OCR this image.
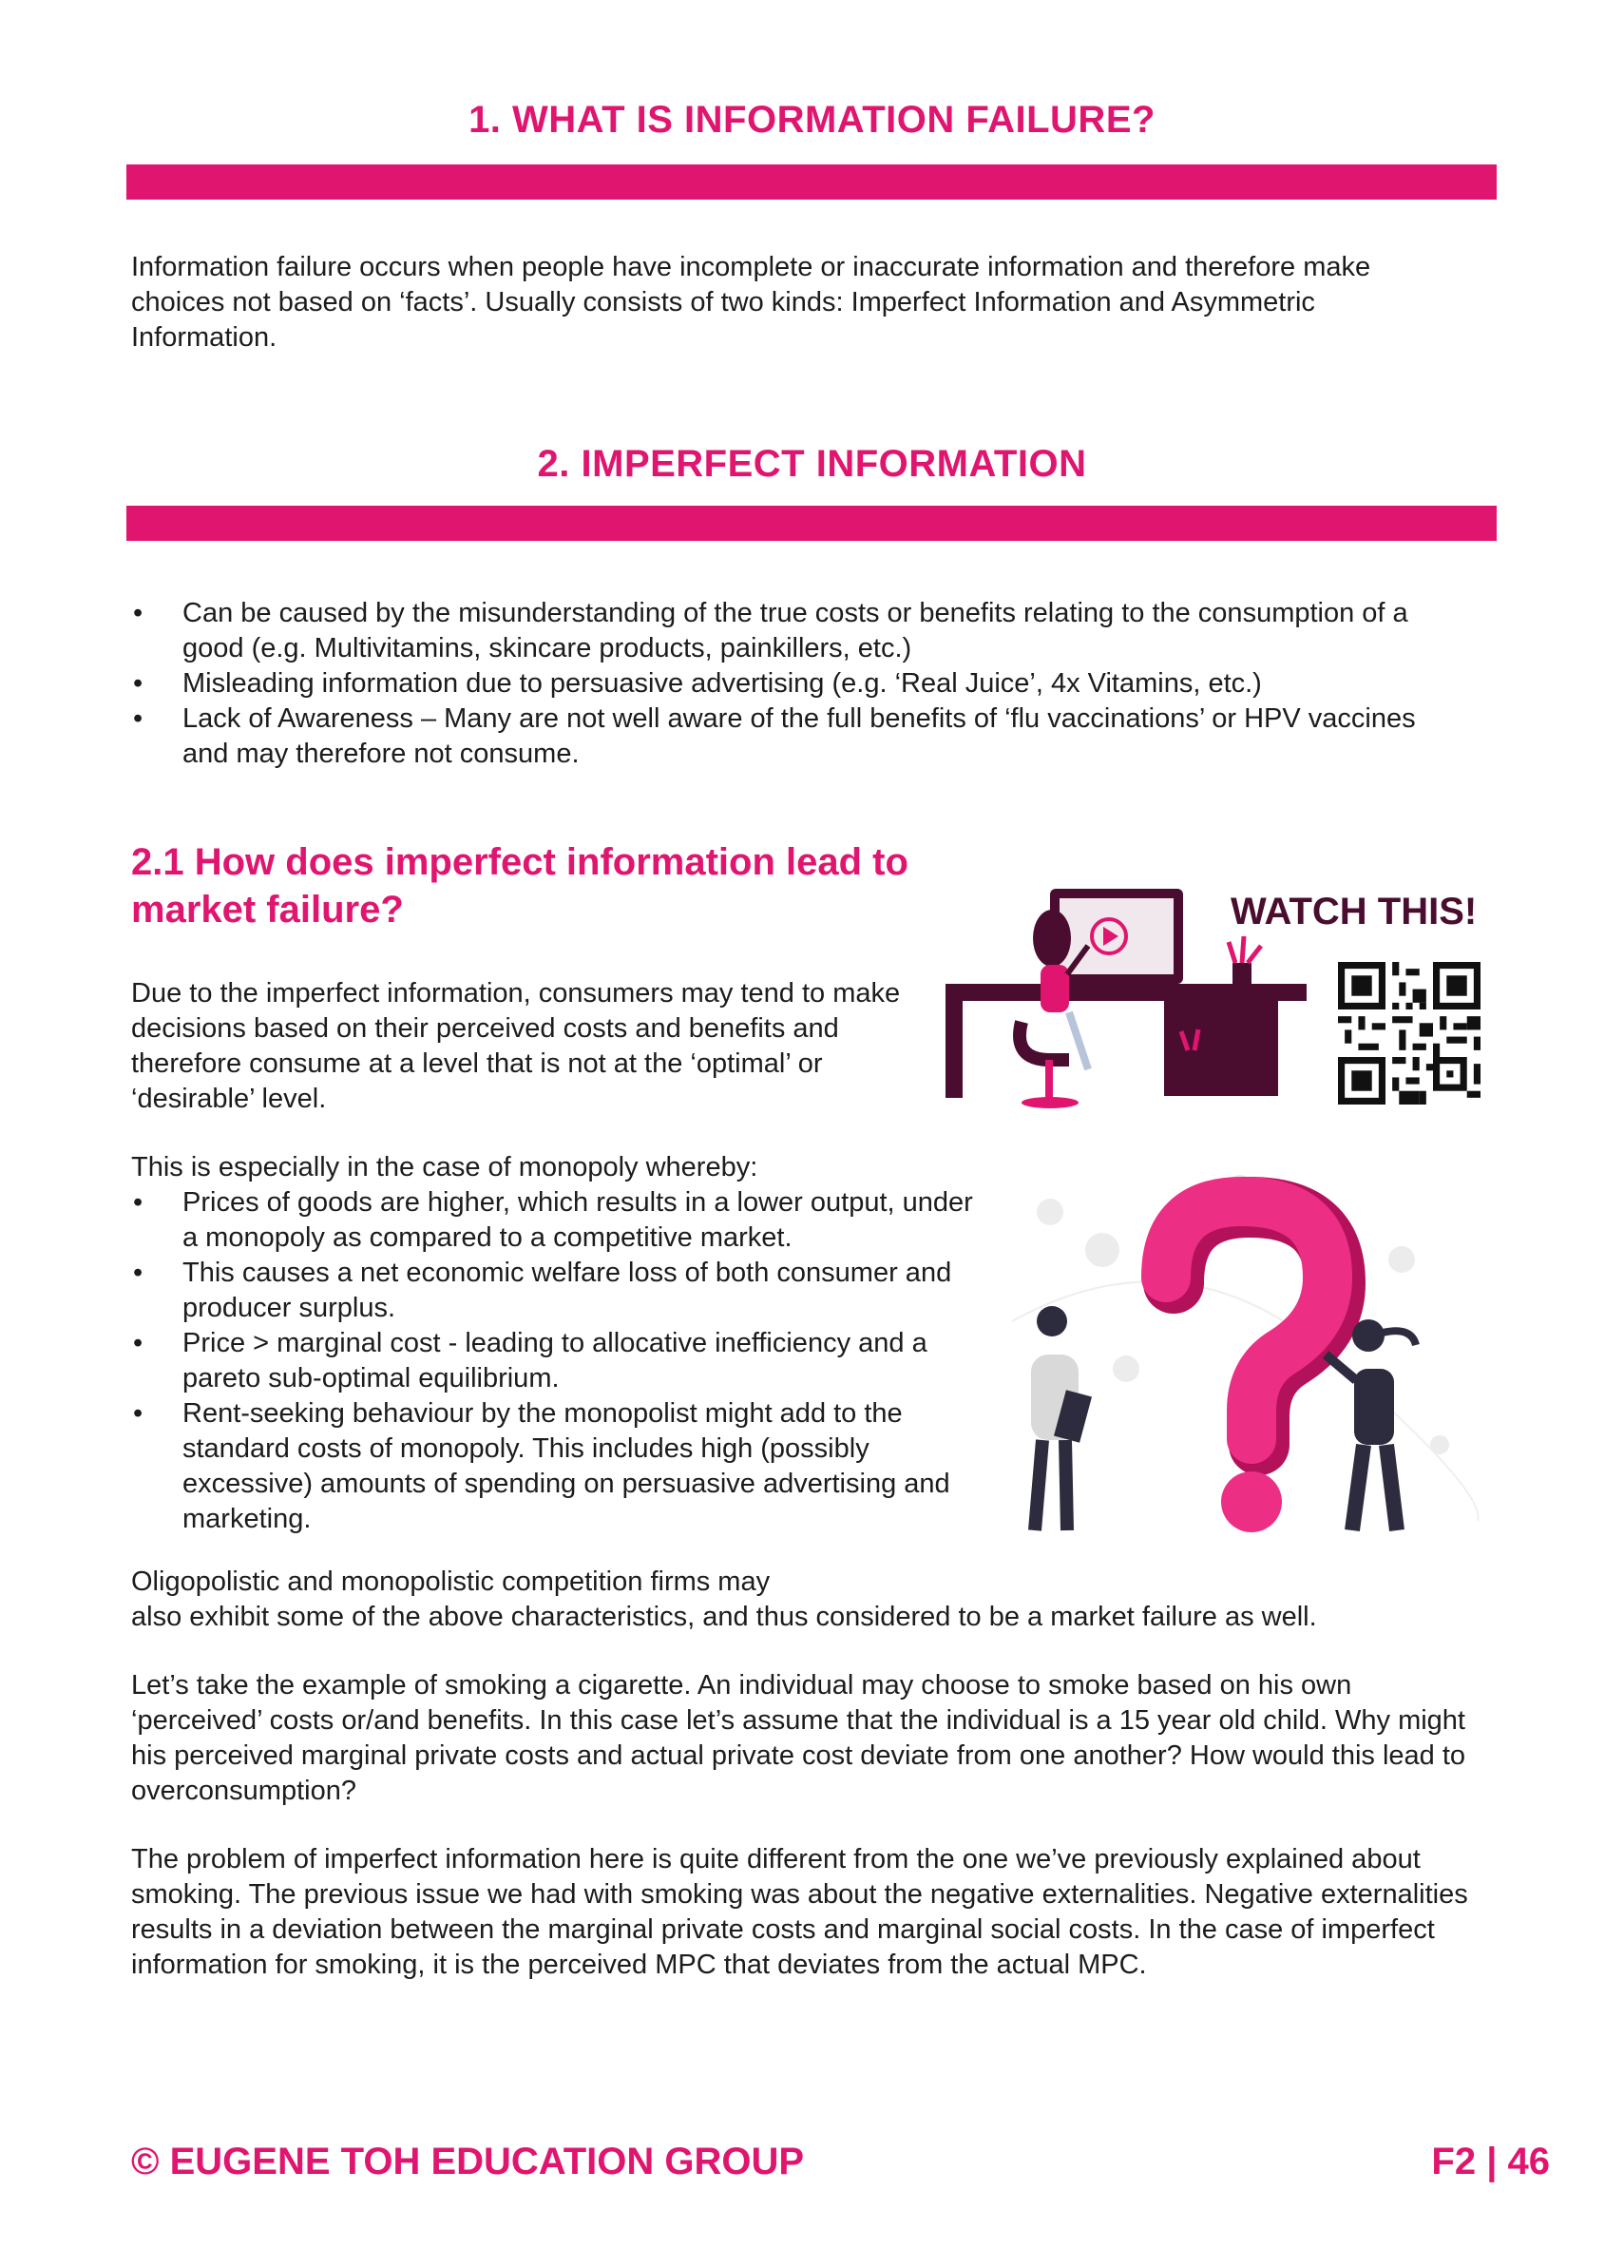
1. WHAT IS INFORMATION FAILURE?

Information failure occurs when people have incomplete or inaccurate information and therefore make choices not based on ‘facts’. Usually consists of two kinds: Imperfect Information and Asymmetric Information.

2. IMPERFECT INFORMATION
• Can be caused by the misunderstanding of the true costs or benefits relating to the consumption of a good (e.g. Multivitamins, skincare products, painkillers, etc.)
• Misleading information due to persuasive advertising (e.g. ‘Real Juice’, 4x Vitamins, etc.)
• Lack of Awareness – Many are not well aware of the full benefits of ‘flu vaccinations’ or HPV vaccines and may therefore not consume.
2.1 How does imperfect information lead to market failure?

Due to the imperfect information, consumers may tend to make decisions based on their perceived costs and benefits and therefore consume at a level that is not at the ‘optimal’ or ‘desirable’ level.

This is especially in the case of monopoly whereby:

• Prices of goods are higher, which results in a lower output, under a monopoly as compared to a competitive market.
• This causes a net economic welfare loss of both consumer and producer surplus.
• Price > marginal cost - leading to allocative inefficiency and a pareto sub-optimal equilibrium.
• Rent-seeking behaviour by the monopolist might add to the standard costs of monopoly. This includes high (possibly excessive) amounts of spending on persuasive advertising and marketing.

Oligopolistic and monopolistic competition firms may

also exhibit some of the above characteristics, and thus considered to be a market failure as well.

Let’s take the example of smoking a cigarette. An individual may choose to smoke based on his own ‘perceived’ costs or/and benefits. In this case let’s assume that the individual is a 15 year old child. Why might his perceived marginal private costs and actual private cost deviate from one another? How would this lead to overconsumption?

The problem of imperfect information here is quite different from the one we’ve previously explained about smoking. The previous issue we had with smoking was about the negative externalities. Negative externalities results in a deviation between the marginal private costs and marginal social costs. In the case of imperfect information for smoking, it is the perceived MPC that deviates from the actual MPC.

WATCH THIS!
© EUGENE TOH EDUCATION GROUP	F2 | 46
